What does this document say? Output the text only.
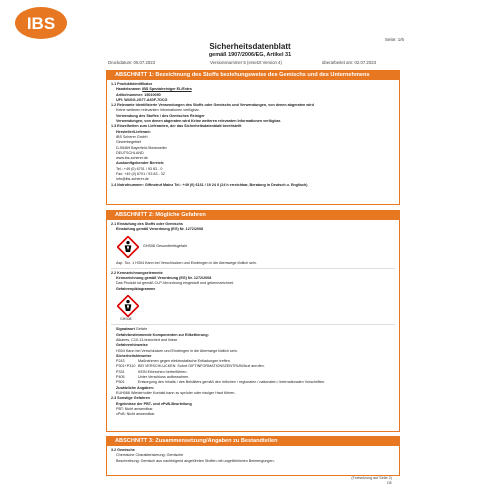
IBS
Seite: 1/6
Sicherheitsdatenblatt
gemäß 1907/2006/EG, Artikel 31
Druckdatum: 05.07.2023	Versionsnummer 5 (ersetzt Version 4)	überarbeitet am: 02.07.2023
ABSCHNITT 1: Bezeichnung des Stoffs beziehungsweise des Gemischs und des Unternehmens
1.1 Produktidentifikator
Handelsname: IBS Spezialreiniger EL/Extra
Artikelnummer: 15010050
UFI: W4GG-2G77-A60F-7DCG
1.2 Relevante identifizierte Verwendungen des Stoffs oder Gemischs und Verwendungen, von denen abgeraten wird
Keine weiteren relevanten Informationen verfügbar.
Verwendung des Stoffes / des Gemisches Reiniger
Verwendungen, von denen abgeraten wird Keine weiteren relevanten Informationen verfügbar.
1.3 Einzelheiten zum Lieferanten, der das Sicherheitsdatenblatt bereitstellt
Hersteller/Lieferant:
IBS Scherer GmbH
Gewerbegebiet
D-55469 Bayerfeld-Steckweiler
DEUTSCHLAND
www.ibs-scherer.de
Auskunftgebender Bereich:
Tel.: +49 (0) 6701 / 93 83 - 0
Fax: +49 (0) 6701 / 93 83 - 32
info@ibs-scherer.de
1.4 Notrufnummer: Giftnotruf Mainz Tel.: +49 (0) 6131 / 19 24 0 (24 h erreichbar, Beratung in Deutsch u. Englisch)
ABSCHNITT 2: Mögliche Gefahren
2.1 Einstufung des Stoffs oder Gemischs
Einstufung gemäß Verordnung (EG) Nr. 1272/2008
GHS08 Gesundheitsgefahr
Asp. Tox. 1 H304 Kann bei Verschlucken und Eindringen in die Atemwege tödlich sein.
2.2 Kennzeichnungselemente
Kennzeichnung gemäß Verordnung (EG) Nr. 1272/2008
Das Produkt ist gemäß CLP-Verordnung eingestuft und gekennzeichnet.
Gefahrenpiktogramme
GHS08
Signalwort Gefahr
Gefahrbestimmende Komponenten zur Etikettierung:
Alkanes, C10-13-branched and linear
Gefahrenhinweise
H304 Kann bei Verschlucken und Eindringen in die Atemwege tödlich sein.
Sicherheitshinweise
P243	Maßnahmen gegen elektrostatische Entladungen treffen.
P301+P310 BEI VERSCHLUCKEN: Sofort GIFTINFORMATIONSZENTRUM/Arzt anrufen.
P331	KEIN Erbrechen herbeiführen.
P405	Unter Verschluss aufbewahren.
P501	Entsorgung des Inhalts / des Behälters gemäß den örtlichen / regionalen / nationalen / internationalen Vorschriften.
Zusätzliche Angaben:
EUH066 Wiederholter Kontakt kann zu spröder oder rissiger Haut führen.
2.3 Sonstige Gefahren
Ergebnisse der PBT- und vPvB-Beurteilung
PBT: Nicht anwendbar.
vPvB: Nicht anwendbar.
ABSCHNITT 3: Zusammensetzung/Angaben zu Bestandteilen
3.2 Gemische
Chemische Charakterisierung: Gemische
Beschreibung: Gemisch aus nachfolgend angeführten Stoffen mit ungefährlichen Beimengungen.
(Fortsetzung auf Seite 2)
DE
